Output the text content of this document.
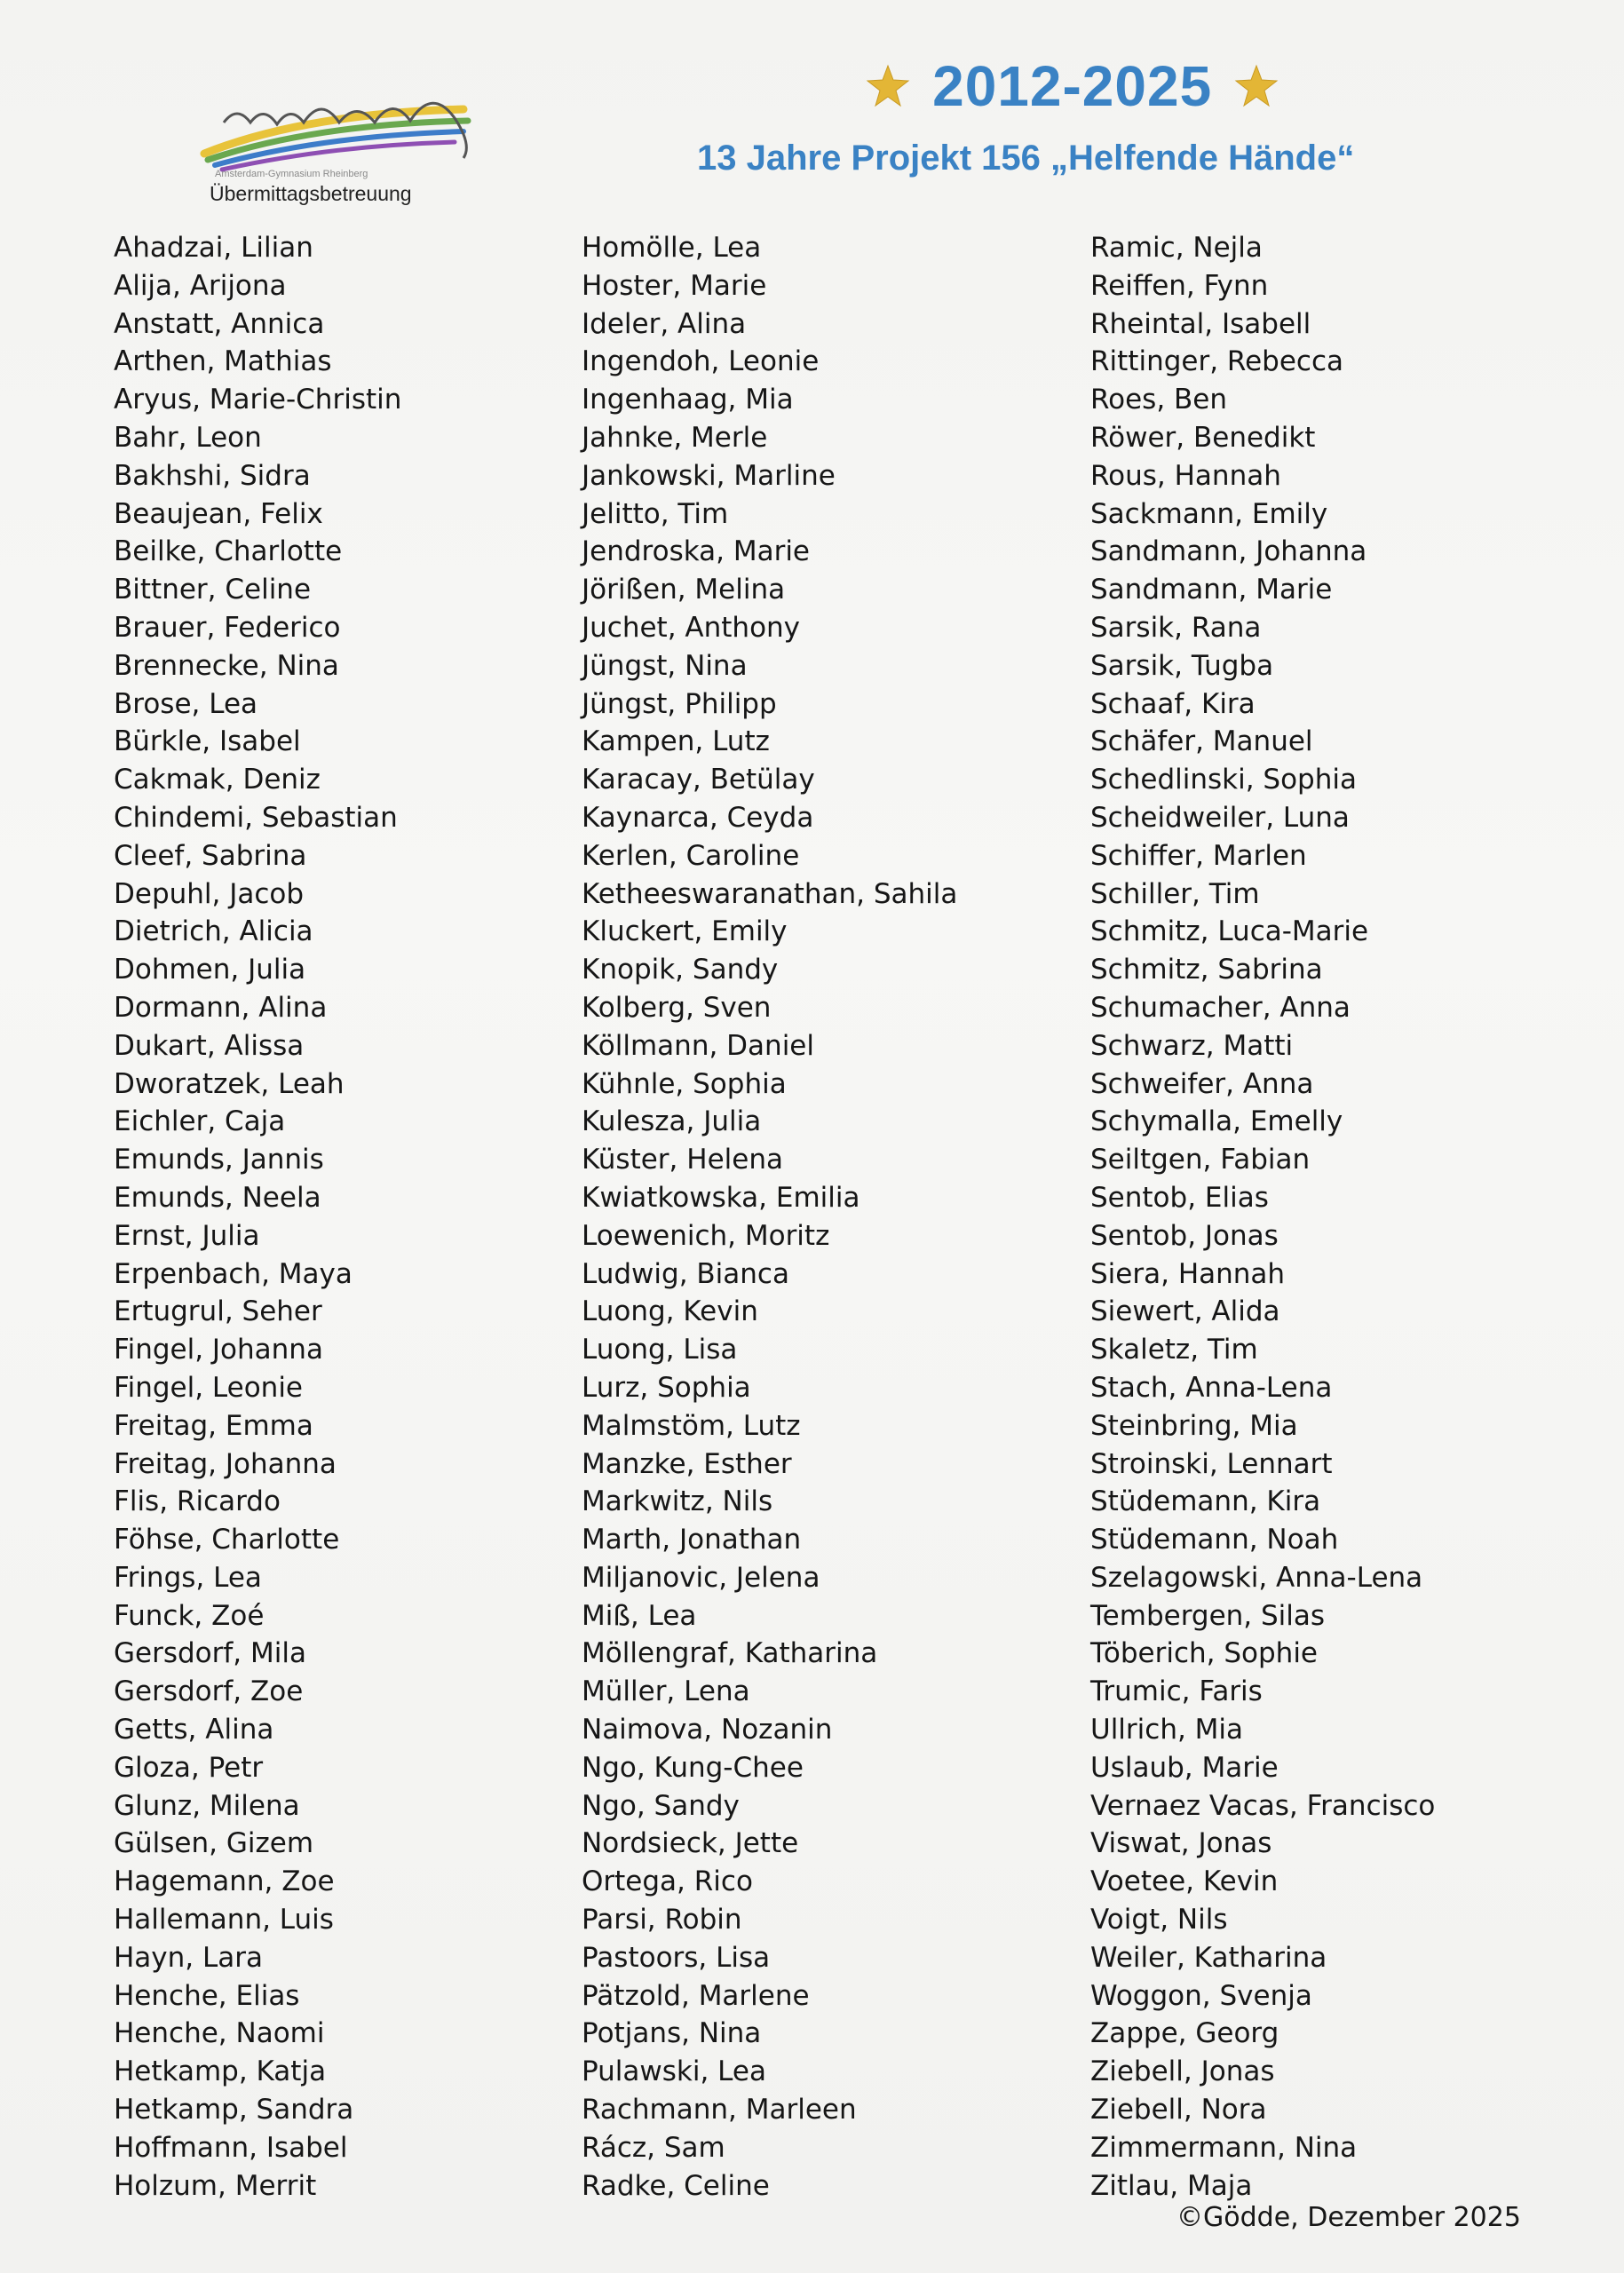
Amsterdam-Gymnasium Rheinberg
Übermittagsbetreuung
2012-2025
13 Jahre Projekt 156 „Helfende Hände“
Ahadzai, Lilian
Alija, Arijona
Anstatt, Annica
Arthen, Mathias
Aryus, Marie-Christin
Bahr, Leon
Bakhshi, Sidra
Beaujean, Felix
Beilke, Charlotte
Bittner, Celine
Brauer, Federico
Brennecke, Nina
Brose, Lea
Bürkle, Isabel
Cakmak, Deniz
Chindemi, Sebastian
Cleef, Sabrina
Depuhl, Jacob
Dietrich, Alicia
Dohmen, Julia
Dormann, Alina
Dukart, Alissa
Dworatzek, Leah
Eichler, Caja
Emunds, Jannis
Emunds, Neela
Ernst, Julia
Erpenbach, Maya
Ertugrul, Seher
Fingel, Johanna
Fingel, Leonie
Freitag, Emma
Freitag, Johanna
Flis, Ricardo
Föhse, Charlotte
Frings, Lea
Funck, Zoé
Gersdorf, Mila
Gersdorf, Zoe
Getts, Alina
Gloza, Petr
Glunz, Milena
Gülsen, Gizem
Hagemann, Zoe
Hallemann, Luis
Hayn, Lara
Henche, Elias
Henche, Naomi
Hetkamp, Katja
Hetkamp, Sandra
Hoffmann, Isabel
Holzum, Merrit
Homölle, Lea
Hoster, Marie
Ideler, Alina
Ingendoh, Leonie
Ingenhaag, Mia
Jahnke, Merle
Jankowski, Marline
Jelitto, Tim
Jendroska, Marie
Jörißen, Melina
Juchet, Anthony
Jüngst, Nina
Jüngst, Philipp
Kampen, Lutz
Karacay, Betülay
Kaynarca, Ceyda
Kerlen, Caroline
Ketheeswaranathan, Sahila
Kluckert, Emily
Knopik, Sandy
Kolberg, Sven
Köllmann, Daniel
Kühnle, Sophia
Kulesza, Julia
Küster, Helena
Kwiatkowska, Emilia
Loewenich, Moritz
Ludwig, Bianca
Luong, Kevin
Luong, Lisa
Lurz, Sophia
Malmstöm, Lutz
Manzke, Esther
Markwitz, Nils
Marth, Jonathan
Miljanovic, Jelena
Miß, Lea
Möllengraf, Katharina
Müller, Lena
Naimova, Nozanin
Ngo, Kung-Chee
Ngo, Sandy
Nordsieck, Jette
Ortega, Rico
Parsi, Robin
Pastoors, Lisa
Pätzold, Marlene
Potjans, Nina
Pulawski, Lea
Rachmann, Marleen
Rácz, Sam
Radke, Celine
Ramic, Nejla
Reiffen, Fynn
Rheintal, Isabell
Rittinger, Rebecca
Roes, Ben
Röwer, Benedikt
Rous, Hannah
Sackmann, Emily
Sandmann, Johanna
Sandmann, Marie
Sarsik, Rana
Sarsik, Tugba
Schaaf, Kira
Schäfer, Manuel
Schedlinski, Sophia
Scheidweiler, Luna
Schiffer, Marlen
Schiller, Tim
Schmitz, Luca-Marie
Schmitz, Sabrina
Schumacher, Anna
Schwarz, Matti
Schweifer, Anna
Schymalla, Emelly
Seiltgen, Fabian
Sentob, Elias
Sentob, Jonas
Siera, Hannah
Siewert, Alida
Skaletz, Tim
Stach, Anna-Lena
Steinbring, Mia
Stroinski, Lennart
Stüdemann, Kira
Stüdemann, Noah
Szelagowski, Anna-Lena
Tembergen, Silas
Töberich, Sophie
Trumic, Faris
Ullrich, Mia
Uslaub, Marie
Vernaez Vacas, Francisco
Viswat, Jonas
Voetee, Kevin
Voigt, Nils
Weiler, Katharina
Woggon, Svenja
Zappe, Georg
Ziebell, Jonas
Ziebell, Nora
Zimmermann, Nina
Zitlau, Maja
©Gödde, Dezember 2025
